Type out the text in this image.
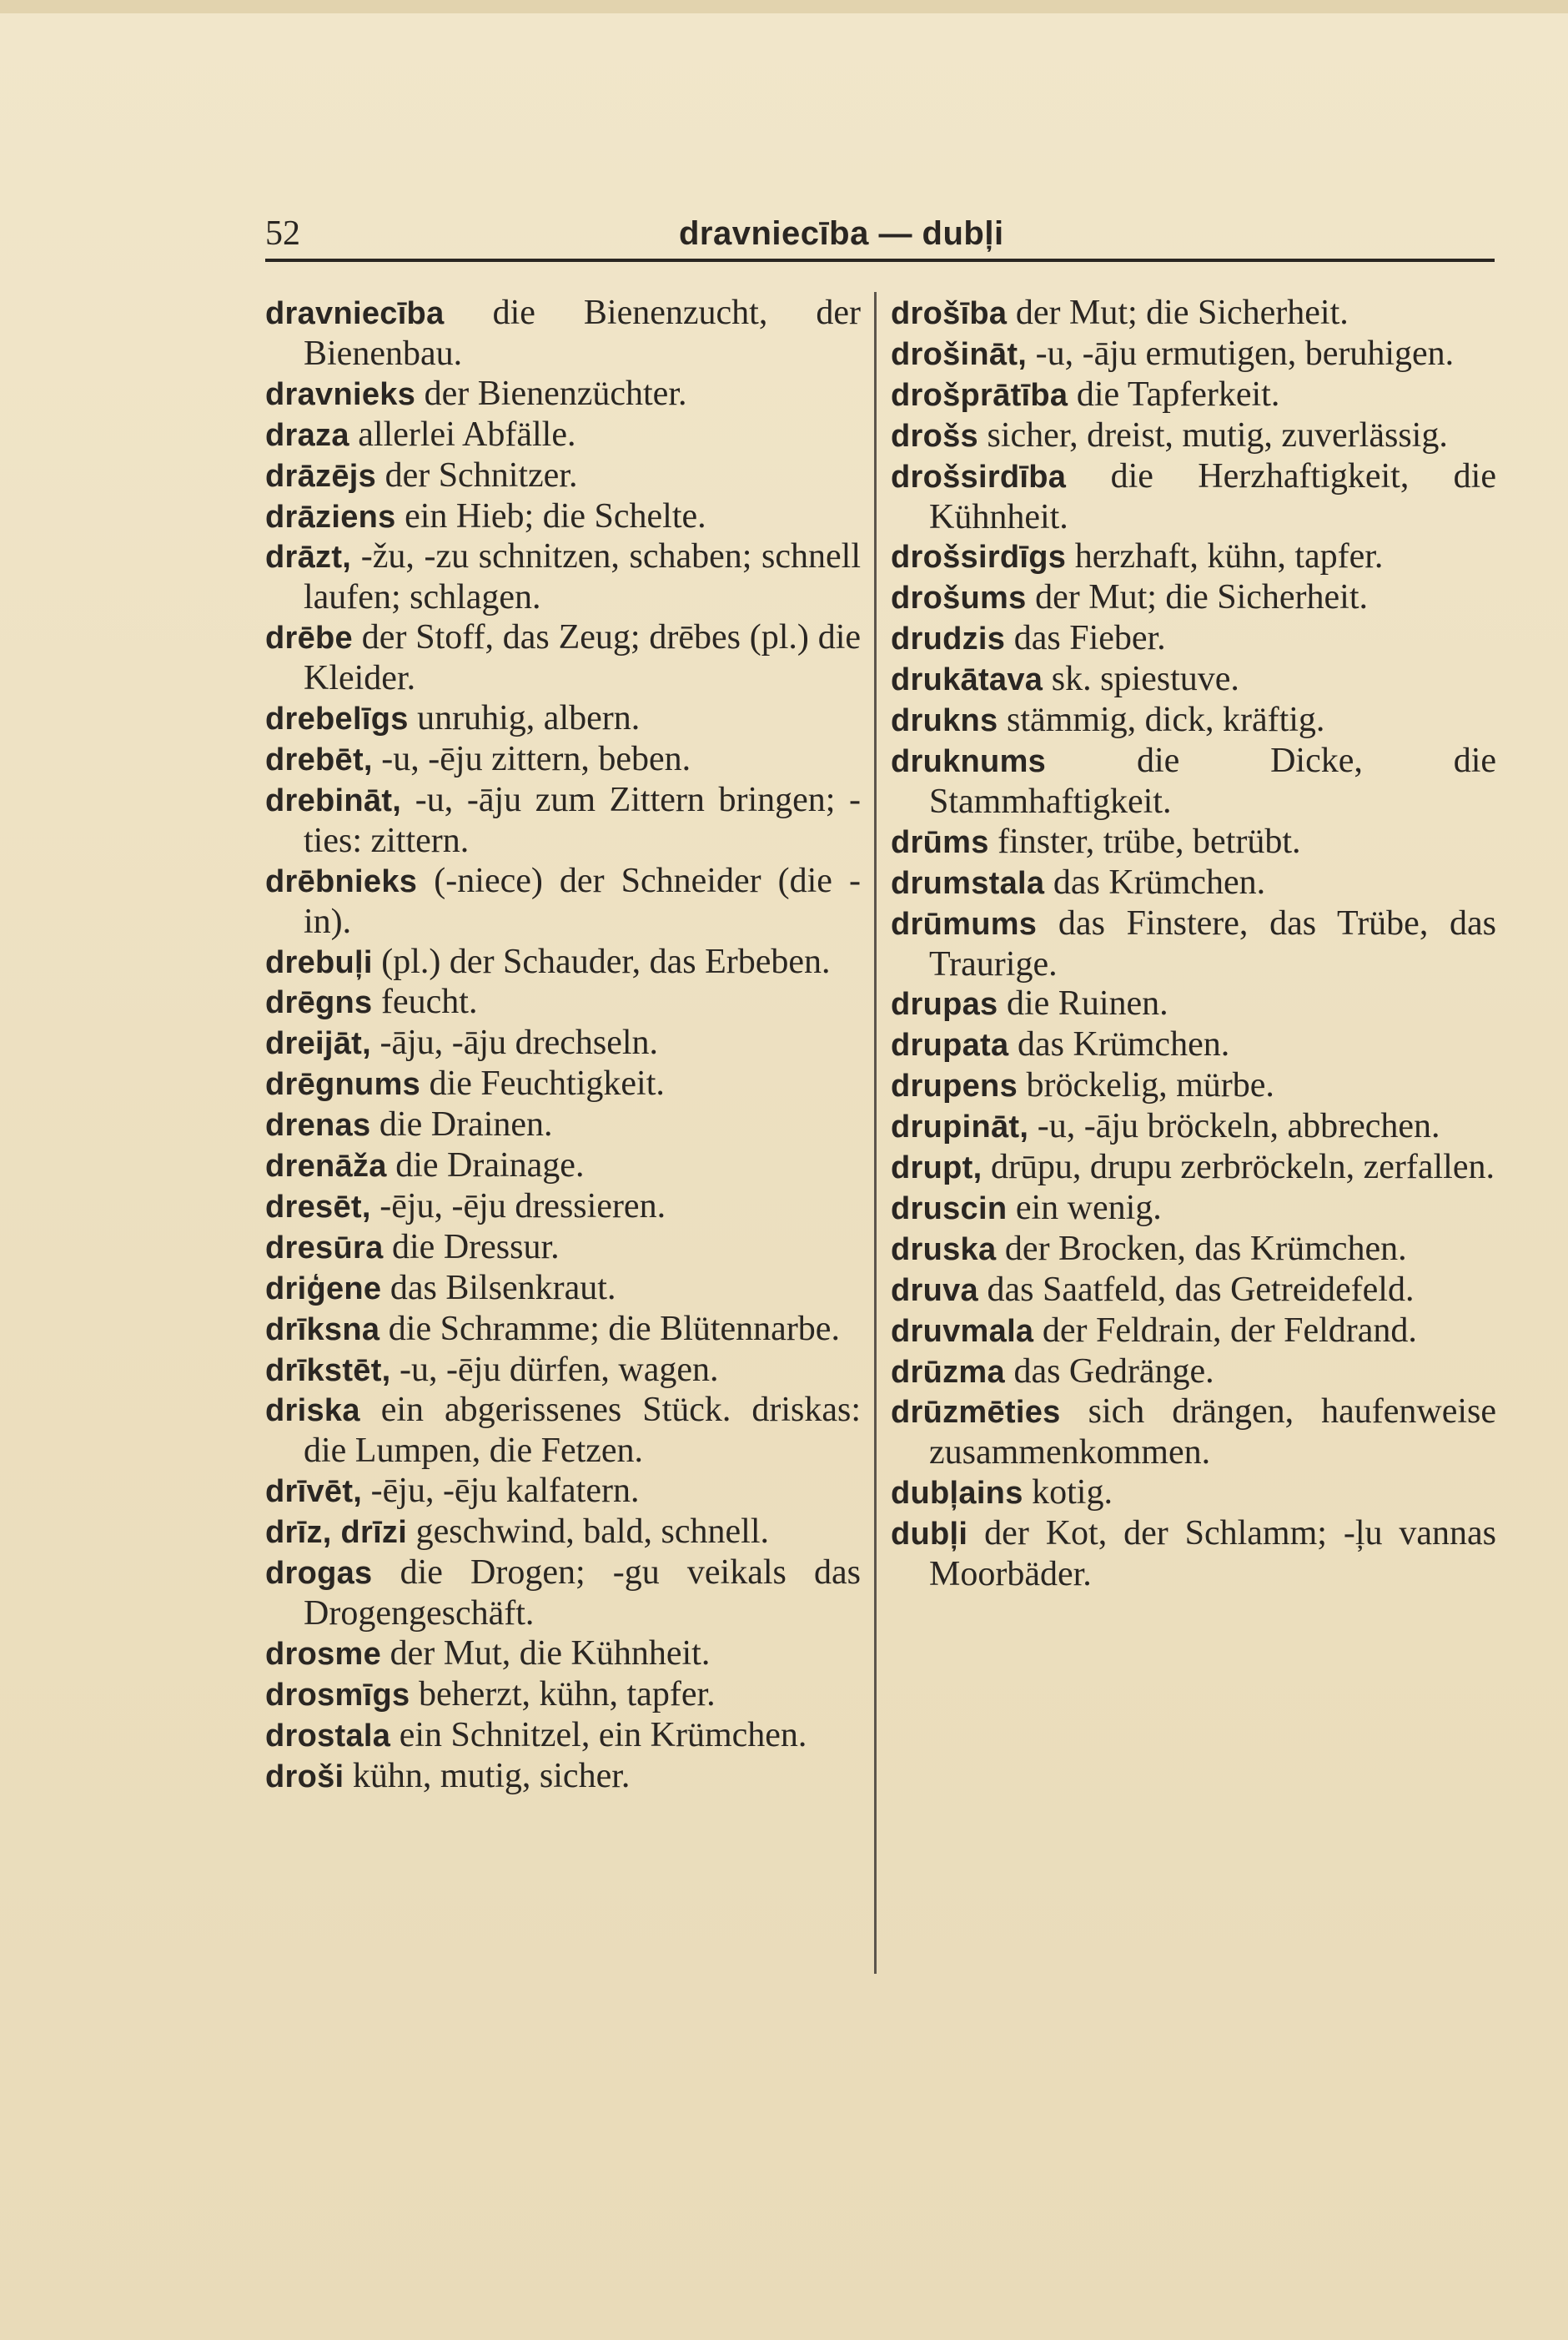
52	dravniecība — dubļi
dravniecība die Bienenzucht, der Bienenbau.
dravnieks der Bienenzüchter.
draza allerlei Abfälle.
drāzējs der Schnitzer.
drāziens ein Hieb; die Schelte.
drāzt, -žu, -zu schnitzen, schaben; schnell laufen; schlagen.
drēbe der Stoff, das Zeug; drēbes (pl.) die Kleider.
drebelīgs unruhig, albern.
drebēt, -u, -ēju zittern, beben.
drebināt, -u, -āju zum Zittern bringen; -ties: zittern.
drēbnieks (-niece) der Schneider (die -in).
drebuļi (pl.) der Schauder, das Erbeben.
drēgns feucht.
dreijāt, -āju, -āju drechseln.
drēgnums die Feuchtigkeit.
drenas die Drainen.
drenāža die Drainage.
dresēt, -ēju, -ēju dressieren.
dresūra die Dressur.
driģene das Bilsenkraut.
drīksna die Schramme; die Blütennarbe.
drīkstēt, -u, -ēju dürfen, wagen.
driska ein abgerissenes Stück. driskas: die Lumpen, die Fetzen.
drīvēt, -ēju, -ēju kalfatern.
drīz, drīzi geschwind, bald, schnell.
drogas die Drogen; -gu veikals das Drogengeschäft.
drosme der Mut, die Kühnheit.
drosmīgs beherzt, kühn, tapfer.
drostala ein Schnitzel, ein Krümchen.
droši kühn, mutig, sicher.
drošība der Mut; die Sicherheit.
drošināt, -u, -āju ermutigen, beruhigen.
drošprātība die Tapferkeit.
drošs sicher, dreist, mutig, zuverlässig.
drošsirdība die Herzhaftigkeit, die Kühnheit.
drošsirdīgs herzhaft, kühn, tapfer.
drošums der Mut; die Sicherheit.
drudzis das Fieber.
drukātava sk. spiestuve.
drukns stämmig, dick, kräftig.
druknums	die Dicke, die Stammhaftigkeit.
drūms finster, trübe, betrübt.
drumstala das Krümchen.
drūmums das Finstere, das Trübe, das Traurige.
drupas die Ruinen.
drupata das Krümchen.
drupens bröckelig, mürbe.
drupināt, -u, -āju bröckeln, abbrechen.
drupt, drūpu, drupu zerbröckeln, zerfallen.
druscin ein wenig.
druska der Brocken, das Krümchen.
druva das Saatfeld, das Getreidefeld.
druvmala der Feldrain, der Feldrand.
drūzma das Gedränge.
drūzmēties sich drängen, haufenweise zusammenkommen.
dubļains kotig.
dubļi der Kot, der Schlamm; -ļu vannas Moorbäder.
